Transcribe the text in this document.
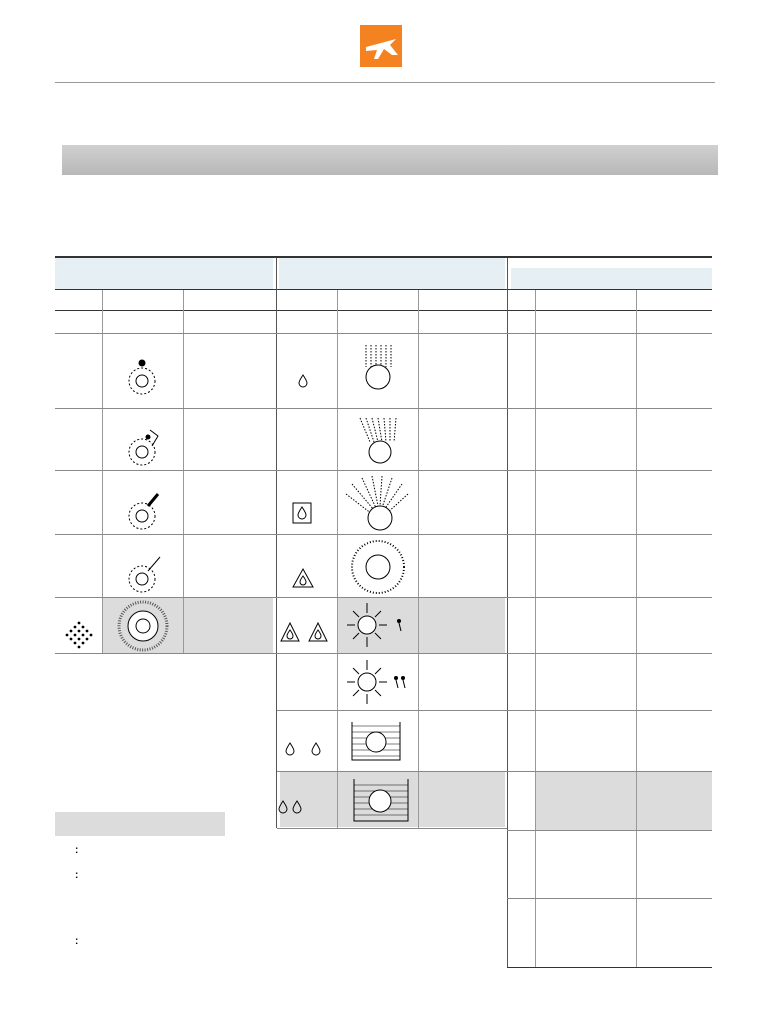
:
:
:
